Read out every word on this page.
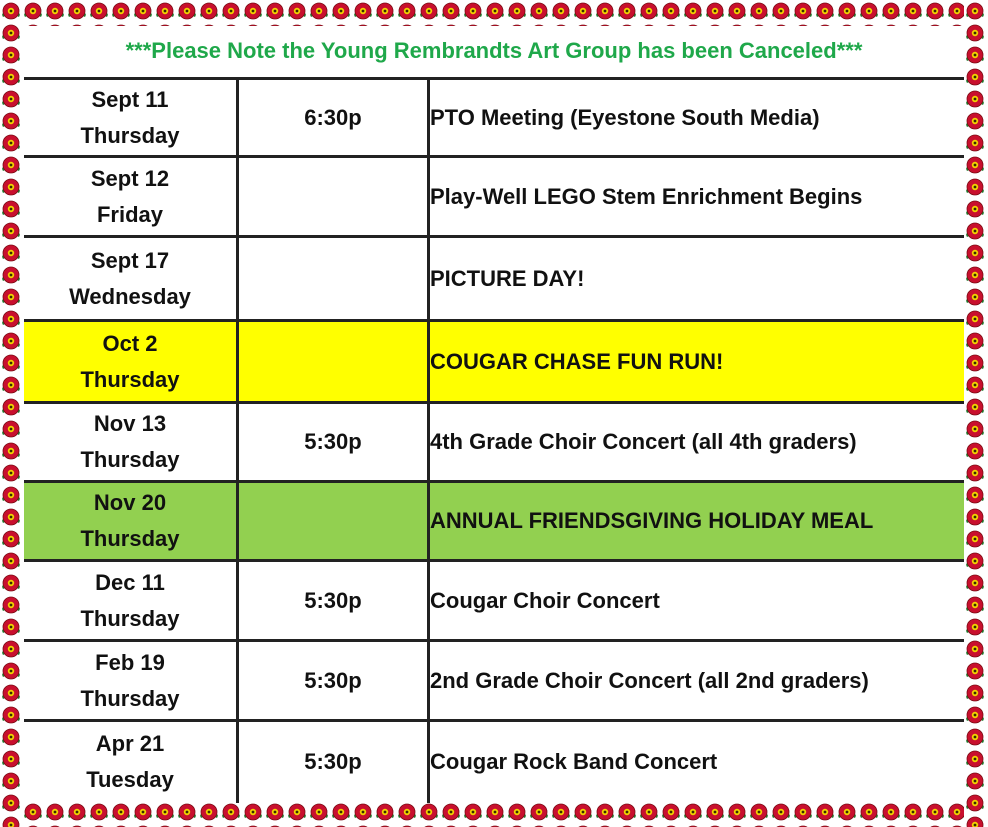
***Please Note the Young Rembrandts Art Group has been Canceled***
Sept 11
Thursday	6:30p	PTO Meeting (Eyestone South Media)

Sept 12
Friday		Play-Well LEGO Stem Enrichment Begins

Sept 17
Wednesday		PICTURE DAY!

Oct 2
Thursday		COUGAR CHASE FUN RUN!

Nov 13
Thursday	5:30p	4th Grade Choir Concert (all 4th graders)

Nov 20
Thursday		ANNUAL FRIENDSGIVING HOLIDAY MEAL

Dec 11
Thursday	5:30p	Cougar Choir Concert

Feb 19
Thursday	5:30p	2nd Grade Choir Concert (all 2nd graders)

Apr 21
Tuesday	5:30p	Cougar Rock Band Concert
